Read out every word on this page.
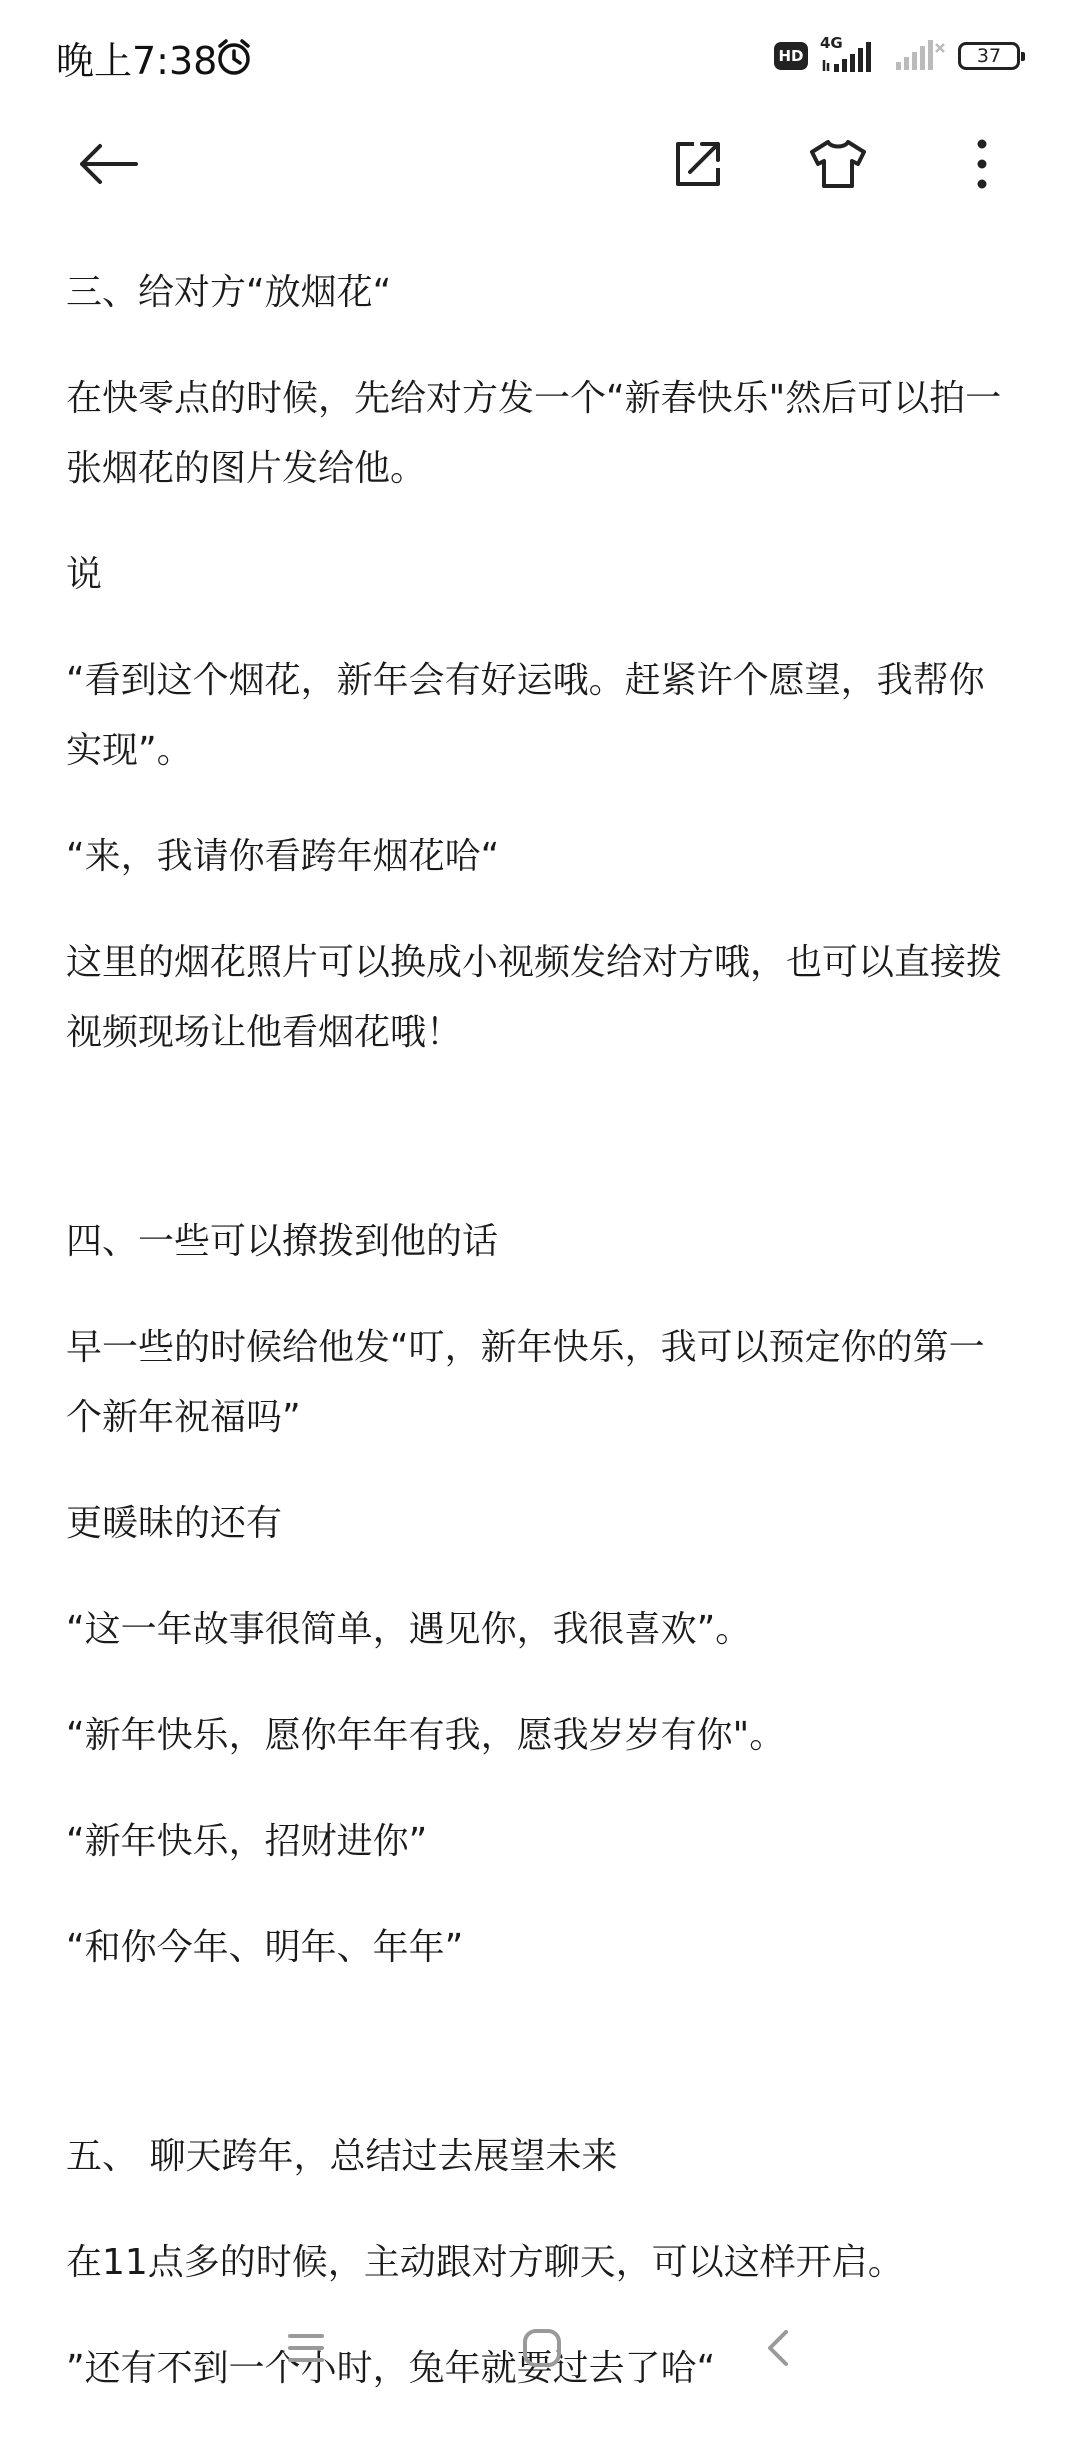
晚上7:38	HD
4G
37

三、给对方“放烟花“

在快零点的时候，先给对方发一个“新春快乐"然后可以拍一张烟花的图片发给他。

说

“看到这个烟花，新年会有好运哦。赶紧许个愿望，我帮你实现”。

“来，我请你看跨年烟花哈“

这里的烟花照片可以换成小视频发给对方哦，也可以直接拨视频现场让他看烟花哦！

四、一些可以撩拨到他的话

早一些的时候给他发“叮，新年快乐，我可以预定你的第一个新年祝福吗”

更暖昧的还有

“这一年故事很简单，遇见你，我很喜欢”。

“新年快乐，愿你年年有我，愿我岁岁有你"。

“新年快乐，招财进你”

“和你今年、明年、年年”

五、 聊天跨年，总结过去展望未来

在11点多的时候，主动跟对方聊天，可以这样开启。

”还有不到一个小时，兔年就要过去了哈“
